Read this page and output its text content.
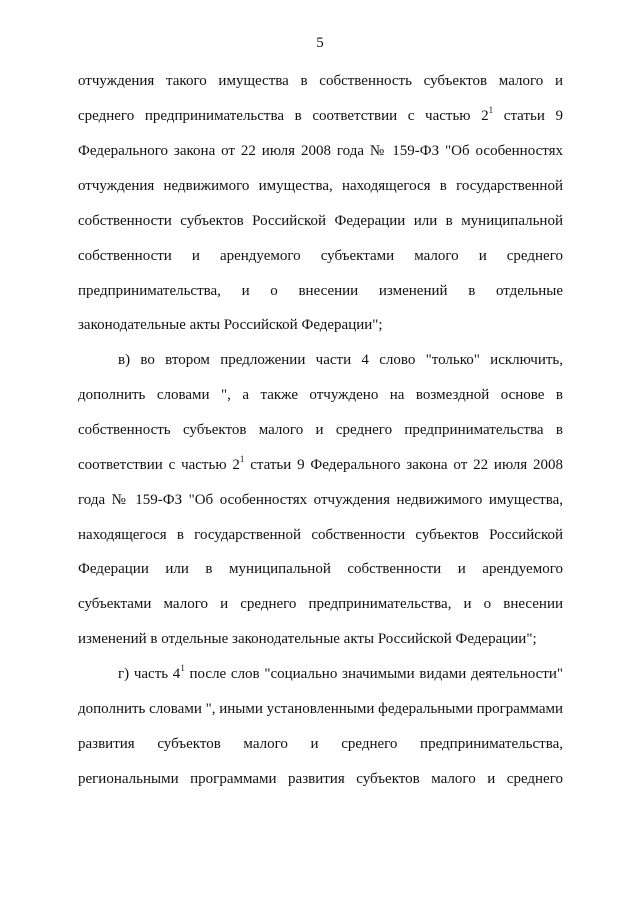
5
отчуждения такого имущества в собственность субъектов малого и
среднего предпринимательства в соответствии с частью $2^1$ статьи 9
Федерального закона от 22 июля 2008 года № 159-ФЗ "Об особенностях
отчуждения недвижимого имущества, находящегося в государственной
собственности субъектов Российской Федерации или в муниципальной
собственности и арендуемого субъектами малого и среднего
предпринимательства, и о внесении изменений в отдельные
законодательные акты Российской Федерации";
в) во втором предложении части 4 слово "только" исключить,
дополнить словами ", а также отчуждено на возмездной основе в
собственность субъектов малого и среднего предпринимательства в
соответствии с частью $2^1$ статьи 9 Федерального закона от 22 июля 2008
года № 159-ФЗ "Об особенностях отчуждения недвижимого имущества,
находящегося в государственной собственности субъектов Российской
Федерации или в муниципальной собственности и арендуемого
субъектами малого и среднего предпринимательства, и о внесении
изменений в отдельные законодательные акты Российской Федерации";
г) часть $4^1$ после слов "социально значимыми видами деятельности"
дополнить словами ", иными установленными федеральными программами
развития субъектов малого и среднего предпринимательства,
региональными программами развития субъектов малого и среднего
